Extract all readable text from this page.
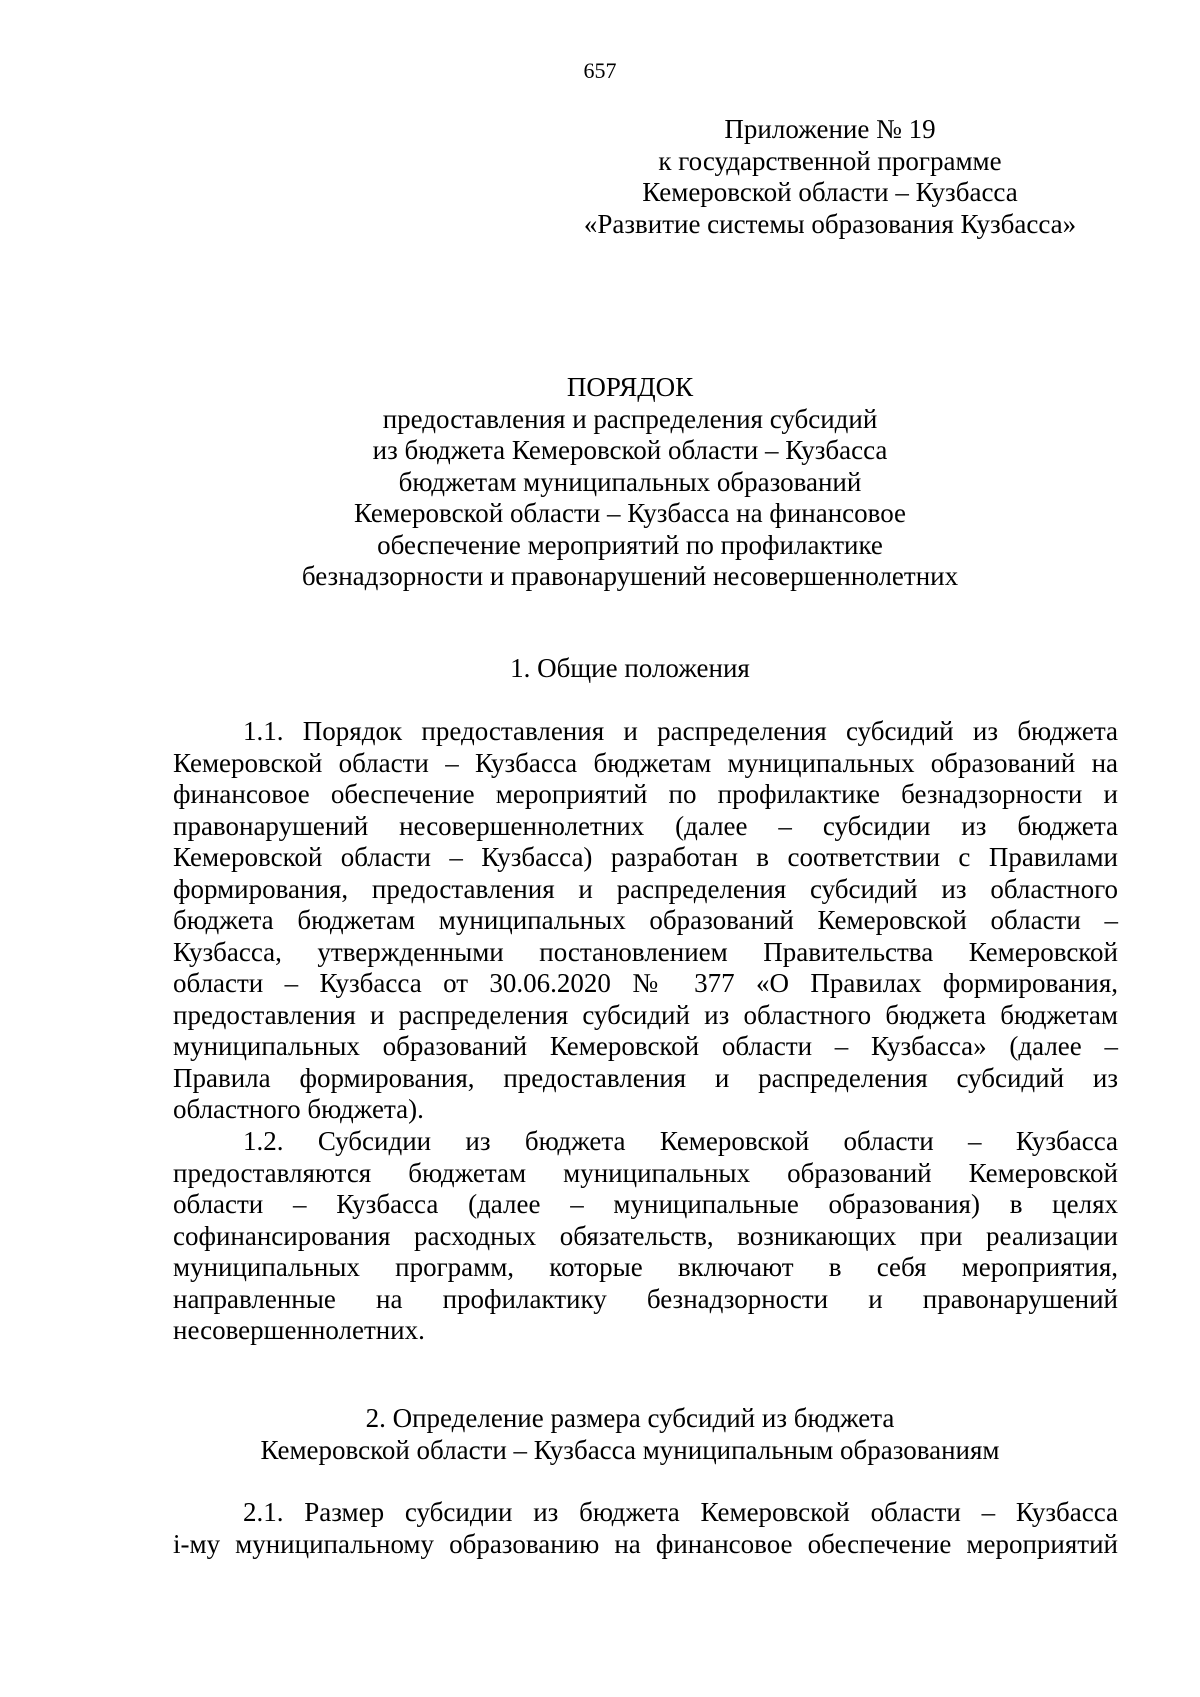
657
Приложение № 19
к государственной программе
Кемеровской области – Кузбасса
«Развитие системы образования Кузбасса»
ПОРЯДОК
предоставления и распределения субсидий
из бюджета Кемеровской области – Кузбасса
бюджетам муниципальных образований
Кемеровской области – Кузбасса на финансовое
обеспечение мероприятий по профилактике
безнадзорности и правонарушений несовершеннолетних
1. Общие положения
1.1. Порядок предоставления и распределения субсидий из бюджета
Кемеровской области – Кузбасса бюджетам муниципальных образований на
финансовое обеспечение мероприятий по профилактике безнадзорности и
правонарушений несовершеннолетних (далее – субсидии из бюджета
Кемеровской области – Кузбасса) разработан в соответствии с Правилами
формирования, предоставления и распределения субсидий из областного
бюджета бюджетам муниципальных образований Кемеровской области –
Кузбасса, утвержденными постановлением Правительства Кемеровской
области – Кузбасса от 30.06.2020 № 377 «О Правилах формирования,
предоставления и распределения субсидий из областного бюджета бюджетам
муниципальных образований Кемеровской области – Кузбасса» (далее –
Правила формирования, предоставления и распределения субсидий из
областного бюджета).
1.2. Субсидии из бюджета Кемеровской области – Кузбасса
предоставляются бюджетам муниципальных образований Кемеровской
области – Кузбасса (далее – муниципальные образования) в целях
софинансирования расходных обязательств, возникающих при реализации
муниципальных программ, которые включают в себя мероприятия,
направленные на профилактику безнадзорности и правонарушений
несовершеннолетних.
2. Определение размера субсидий из бюджета
Кемеровской области – Кузбасса муниципальным образованиям
2.1. Размер субсидии из бюджета Кемеровской области – Кузбасса
i-му муниципальному образованию на финансовое обеспечение мероприятий
